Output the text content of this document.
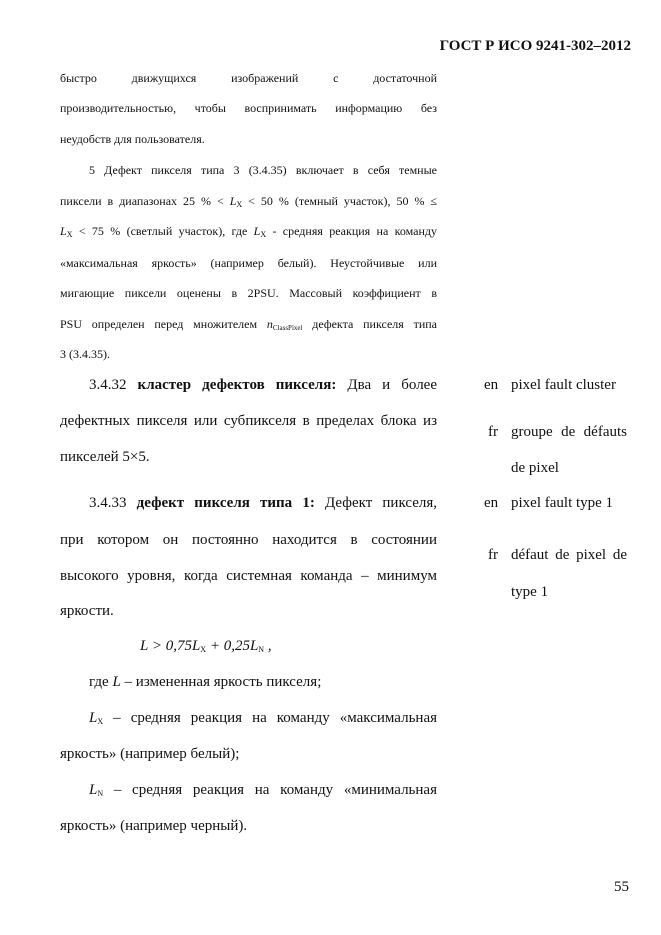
ГОСТ Р ИСО 9241-302–2012
быстро движущихся изображений с достаточной
производительностью, чтобы воспринимать информацию без
неудобств для пользователя.
5 Дефект пикселя типа 3 (3.4.35) включает в себя темные
пиксели в диапазонах 25 % < LX < 50 % (темный участок), 50 % ≤
LX < 75 % (светлый участок), где LX - средняя реакция на команду
«максимальная яркость» (например белый). Неустойчивые или
мигающие пиксели оценены в 2PSU. Массовый коэффициент в
PSU определен перед множителем $n_{ClassPixel}$ дефекта пикселя типа
3 (3.4.35).
3.4.32 кластер дефектов пикселя: Два и более
дефектных пикселя или субпикселя в пределах блока из
пикселей 5×5.
en pixel fault cluster
fr groupe de défauts
de pixel
3.4.33 дефект пикселя типа 1: Дефект пикселя,
при котором он постоянно находится в состоянии
высокого уровня, когда системная команда – минимум
яркости.
en pixel fault type 1
fr défaut de pixel de
type 1
L > 0,75LX + 0,25LN ,
где L – измененная яркость пикселя;
LX – средняя реакция на команду «максимальная
яркость» (например белый);
LN – средняя реакция на команду «минимальная
яркость» (например черный).
55
